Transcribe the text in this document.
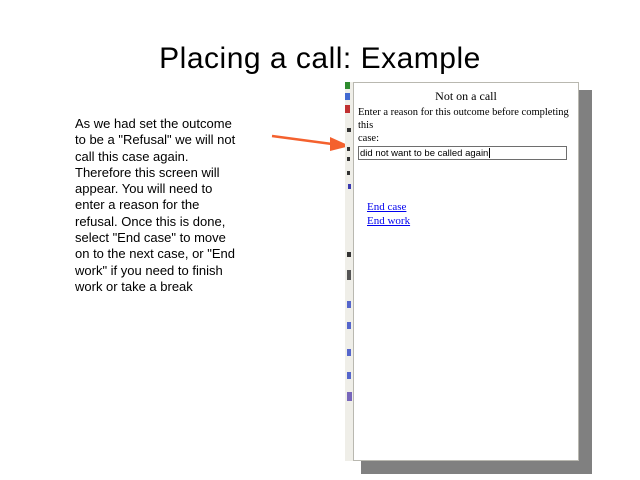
Placing a call: Example
As we had set the outcome
to be a "Refusal" we will not
call this case again.
Therefore this screen will
appear. You will need to
enter a reason for the
refusal. Once this is done,
select "End case" to move
on to the next case, or "End
work" if you need to finish
work or take a break
Not on a call
Enter a reason for this outcome before completing this
case:
did not want to be called again
End case
End work
